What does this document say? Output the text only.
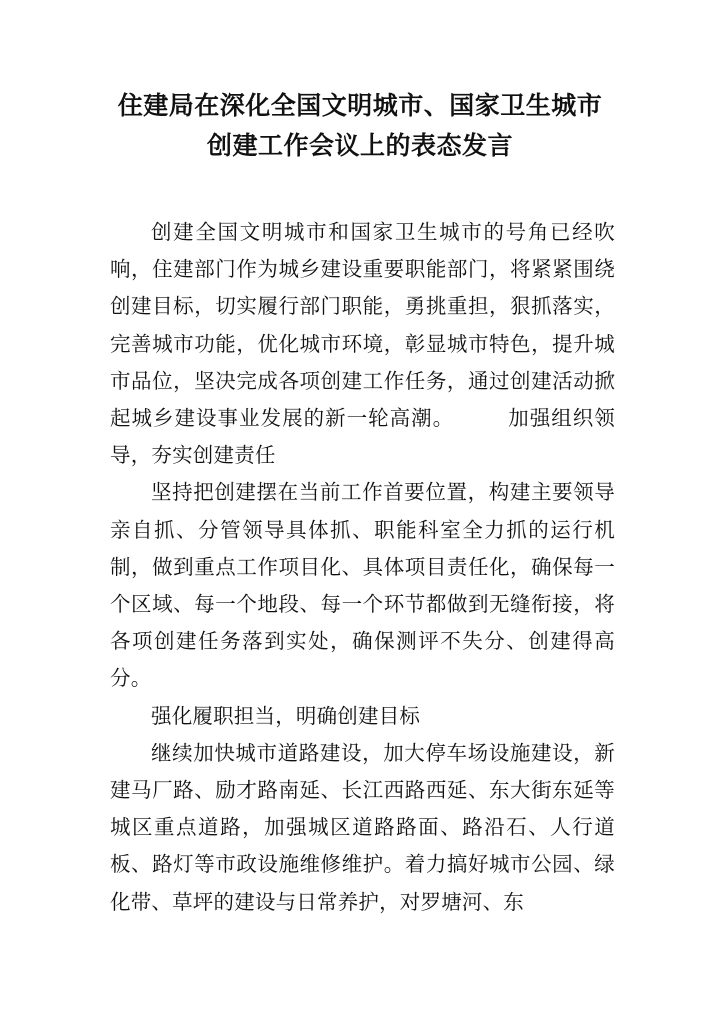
住建局在深化全国文明城市、国家卫生城市
创建工作会议上的表态发言

创建全国文明城市和国家卫生城市的号角已经吹响，住建部门作为城乡建设重要职能部门，将紧紧围绕创建目标，切实履行部门职能，勇挑重担，狠抓落实，完善城市功能，优化城市环境，彰显城市特色，提升城市品位，坚决完成各项创建工作任务，通过创建活动掀起城乡建设事业发展的新一轮高潮。	加强组织领导，夯实创建责任

坚持把创建摆在当前工作首要位置，构建主要领导亲自抓、分管领导具体抓、职能科室全力抓的运行机制，做到重点工作项目化、具体项目责任化，确保每一个区域、每一个地段、每一个环节都做到无缝衔接，将各项创建任务落到实处，确保测评不失分、创建得高分。

强化履职担当，明确创建目标

继续加快城市道路建设，加大停车场设施建设，新建马厂路、励才路南延、长江西路西延、东大街东延等城区重点道路，加强城区道路路面、路沿石、人行道板、路灯等市政设施维修维护。着力搞好城市公园、绿化带、草坪的建设与日常养护，对罗塘河、东
